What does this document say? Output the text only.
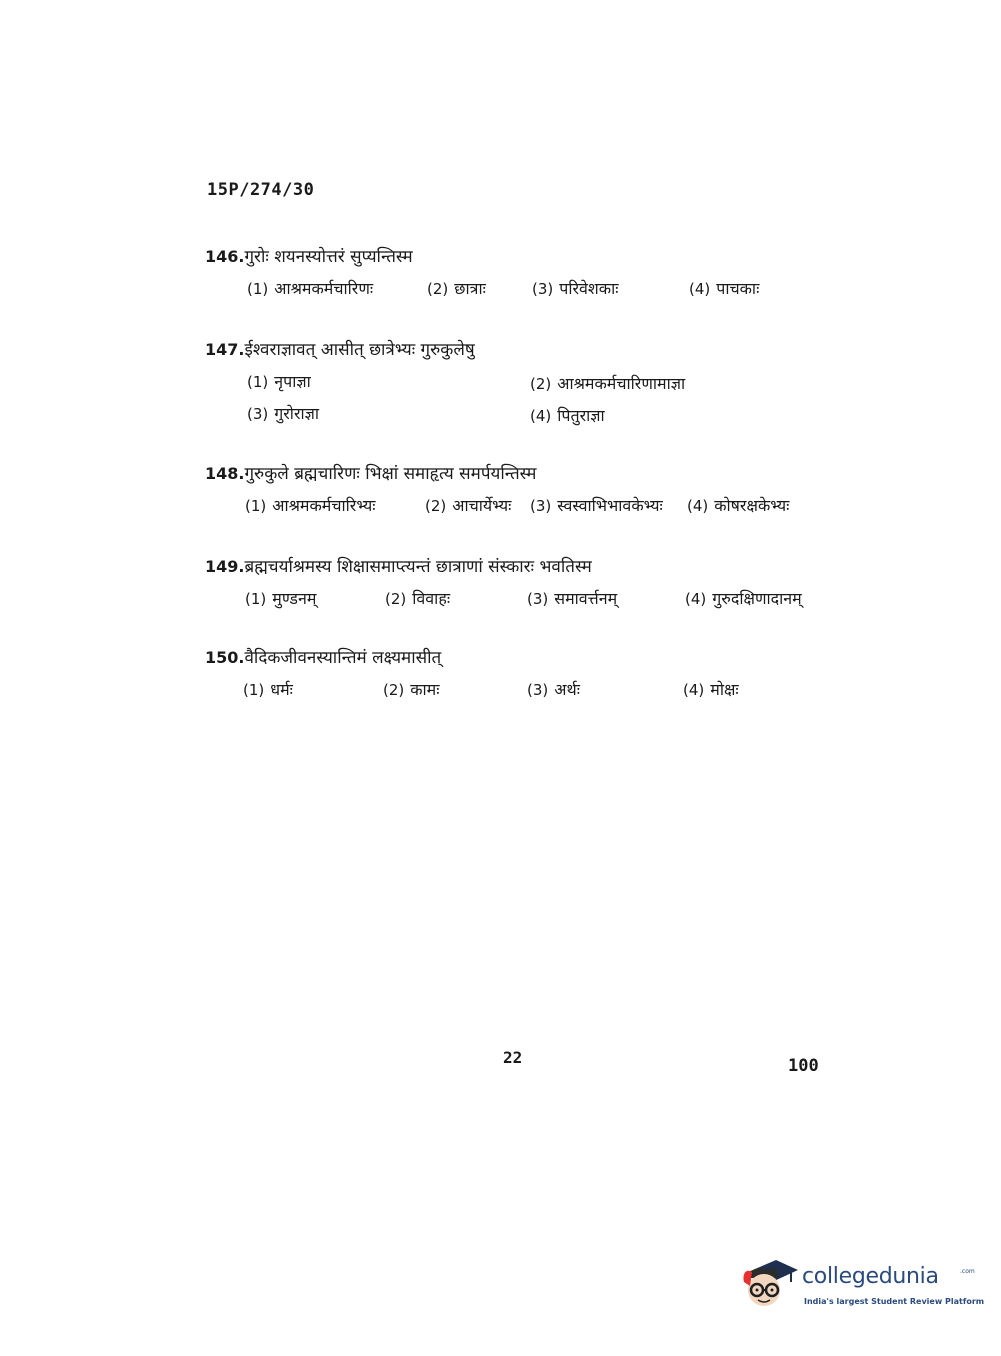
15P/274/30
146.गुरोः शयनस्योत्तरं सुप्यन्तिस्म
(1) आश्रमकर्मचारिणः	(2) छात्राः	(3) परिवेशकाः	(4) पाचकाः
147.ईश्वराज्ञावत् आसीत् छात्रेभ्यः गुरुकुलेषु
(1) नृपाज्ञा	(2) आश्रमकर्मचारिणामाज्ञा
(3) गुरोराज्ञा	(4) पितुराज्ञा
148.गुरुकुले ब्रह्मचारिणः भिक्षां समाहृत्य समर्पयन्तिस्म
(1) आश्रमकर्मचारिभ्यः	(2) आचार्येभ्यः (3) स्वस्वाभिभावकेभ्यः (4) कोषरक्षकेभ्यः
149.ब्रह्मचर्याश्रमस्य शिक्षासमाप्त्यन्तं छात्राणां संस्कारः भवतिस्म
(1) मुण्डनम्	(2) विवाहः	(3) समावर्त्तनम्	(4) गुरुदक्षिणादानम्
150.वैदिकजीवनस्यान्तिमं लक्ष्यमासीत्
(1) धर्मः	(2) कामः	(3) अर्थः	(4) मोक्षः
22	100
collegedunia	.com
India's largest Student Review Platform
